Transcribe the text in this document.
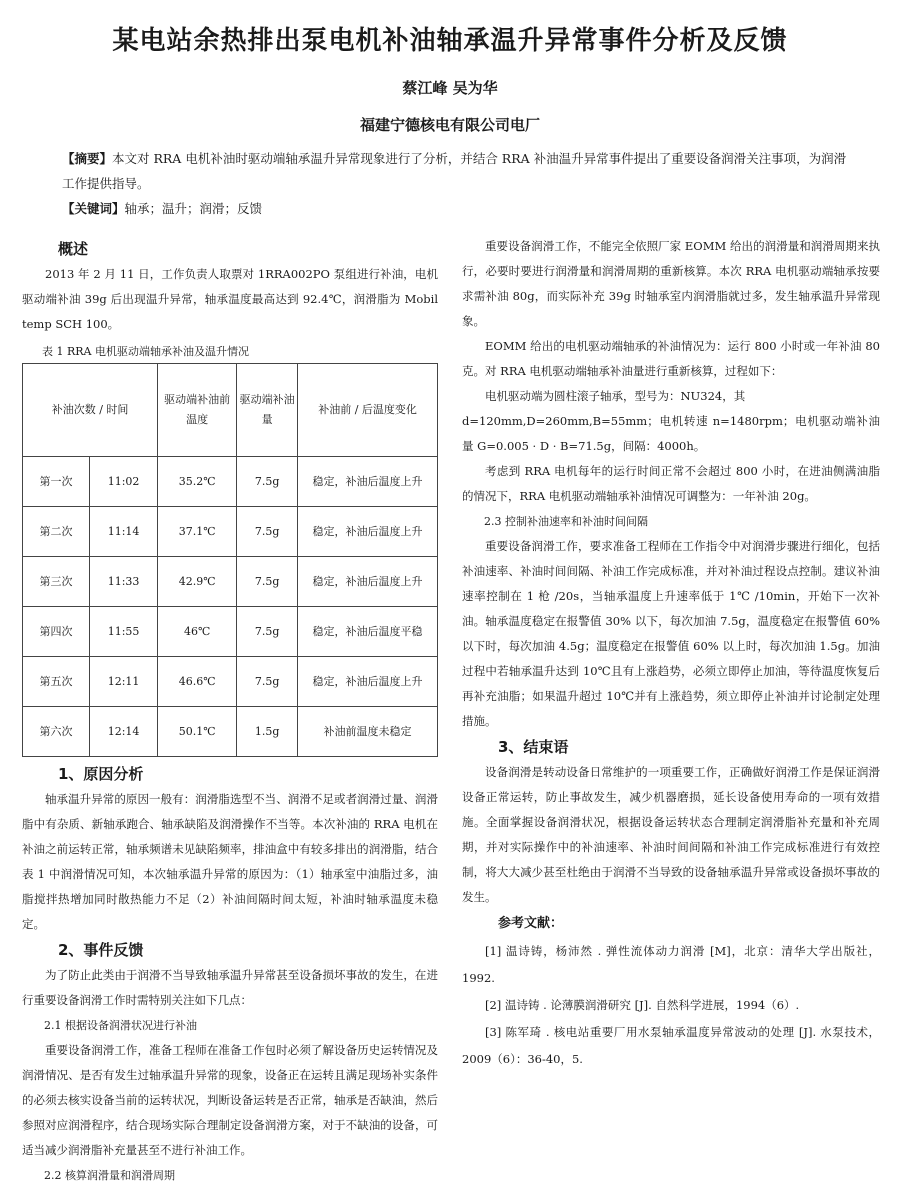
某电站余热排出泵电机补油轴承温升异常事件分析及反馈
蔡江峰 吴为华
福建宁德核电有限公司电厂

【摘要】本文对 RRA 电机补油时驱动端轴承温升异常现象进行了分析，并结合 RRA 补油温升异常事件提出了重要设备润滑关注事项，为润滑工作提供指导。

【关键词】轴承；温升；润滑；反馈

概述

2013 年 2 月 11 日，工作负责人取票对 1RRA002PO 泵组进行补油，电机驱动端补油 39g 后出现温升异常，轴承温度最高达到 92.4℃，润滑脂为 Mobil temp SCH 100。

表 1 RRA 电机驱动端轴承补油及温升情况
补油次数 / 时间		驱动端补油前温度	驱动端补油量	补油前 / 后温度变化
第一次	11:02	35.2℃	7.5g	稳定，补油后温度上升
第二次	11:14	37.1℃	7.5g	稳定，补油后温度上升
第三次	11:33	42.9℃	7.5g	稳定，补油后温度上升
第四次	11:55	46℃	7.5g	稳定，补油后温度平稳
第五次	12:11	46.6℃	7.5g	稳定，补油后温度上升
第六次	12:14	50.1℃	1.5g	补油前温度未稳定
1、原因分析

轴承温升异常的原因一般有：润滑脂选型不当、润滑不足或者润滑过量、润滑脂中有杂质、新轴承跑合、轴承缺陷及润滑操作不当等。本次补油的 RRA 电机在补油之前运转正常，轴承频谱未见缺陷频率，排油盒中有较多排出的润滑脂，结合表 1 中润滑情况可知，本次轴承温升异常的原因为：（1）轴承室中油脂过多，油脂搅拌热增加同时散热能力不足（2）补油间隔时间太短，补油时轴承温度未稳定。

2、事件反馈

为了防止此类由于润滑不当导致轴承温升异常甚至设备损坏事故的发生，在进行重要设备润滑工作时需特别关注如下几点：

2.1 根据设备润滑状况进行补油

重要设备润滑工作，准备工程师在准备工作包时必须了解设备历史运转情况及润滑情况、是否有发生过轴承温升异常的现象，设备正在运转且满足现场补实条件的必须去核实设备当前的运转状况，判断设备运转是否正常，轴承是否缺油，然后参照对应润滑程序，结合现场实际合理制定设备润滑方案，对于不缺油的设备，可适当减少润滑脂补充量甚至不进行补油工作。

2.2 核算润滑量和润滑周期

重要设备润滑工作，不能完全依照厂家 EOMM 给出的润滑量和润滑周期来执行，必要时要进行润滑量和润滑周期的重新核算。本次 RRA 电机驱动端轴承按要求需补油 80g，而实际补充 39g 时轴承室内润滑脂就过多，发生轴承温升异常现象。

EOMM 给出的电机驱动端轴承的补油情况为：运行 800 小时或一年补油 80 克。对 RRA 电机驱动端轴承补油量进行重新核算，过程如下：

电机驱动端为圆柱滚子轴承，型号为：NU324，其

d=120mm,D=260mm,B=55mm；电机转速 n=1480rpm；电机驱动端补油量 G=0.005 · D · B=71.5g，间隔：4000h。

考虑到 RRA 电机每年的运行时间正常不会超过 800 小时，在进油侧满油脂的情况下，RRA 电机驱动端轴承补油情况可调整为：一年补油 20g。

2.3 控制补油速率和补油时间间隔

重要设备润滑工作，要求准备工程师在工作指令中对润滑步骤进行细化，包括补油速率、补油时间间隔、补油工作完成标准，并对补油过程设点控制。建议补油速率控制在 1 枪 /20s，当轴承温度上升速率低于 1℃ /10min，开始下一次补油。轴承温度稳定在报警值 30% 以下，每次加油 7.5g，温度稳定在报警值 60% 以下时，每次加油 4.5g；温度稳定在报警值 60% 以上时，每次加油 1.5g。加油过程中若轴承温升达到 10℃且有上涨趋势，必须立即停止加油，等待温度恢复后再补充油脂；如果温升超过 10℃并有上涨趋势，须立即停止补油并讨论制定处理措施。

3、结束语

设备润滑是转动设备日常维护的一项重要工作，正确做好润滑工作是保证润滑设备正常运转，防止事故发生，减少机器磨损，延长设备使用寿命的一项有效措施。全面掌握设备润滑状况，根据设备运转状态合理制定润滑脂补充量和补充周期，并对实际操作中的补油速率、补油时间间隔和补油工作完成标准进行有效控制，将大大减少甚至杜绝由于润滑不当导致的设备轴承温升异常或设备损坏事故的发生。

参考文献：

[1] 温诗铸，杨沛然 . 弹性流体动力润滑 [M]，北京：清华大学出版社，1992.

[2] 温诗铸 . 论薄膜润滑研究 [J]. 自然科学进展，1994（6）.

[3] 陈军琦 . 核电站重要厂用水泵轴承温度异常波动的处理 [J]. 水泵技术，2009（6）：36-40，5.
